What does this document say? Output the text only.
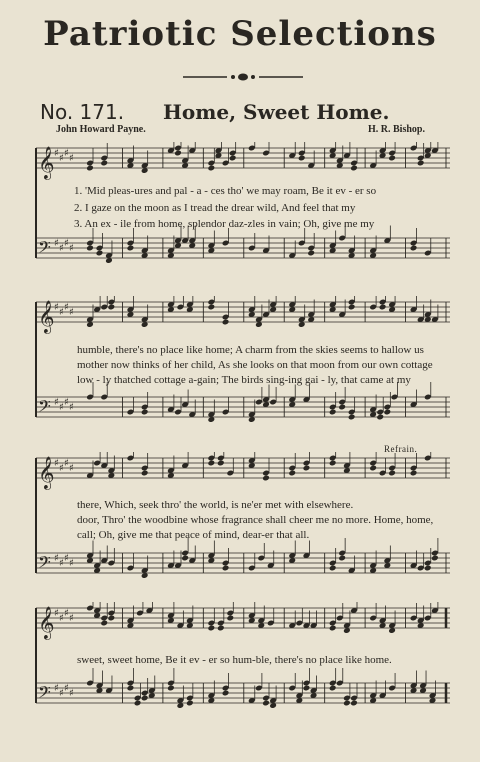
Patriotic Selections
No. 171. Home, Sweet Home.
John Howard Payne.	H. R. Bishop.
𝄞 ♯ ♯ ♯ ♯
𝄢 ♯ ♯ ♯ ♯
1. 'Mid pleas-ures and pal - a - ces tho' we may roam, Be it ev - er so
2. I gaze on the moon as I tread the drear wild, And feel that my
3. An ex - ile from home, splendor daz-zles in vain; Oh, give me my
𝄞 ♯ ♯ ♯ ♯
𝄢 ♯ ♯ ♯ ♯
humble, there's no place like home; A charm from the skies seems to hallow us
mother now thinks of her child, As she looks on that moon from our own cottage
low - ly thatched cottage a-gain; The birds sing-ing gai - ly, that came at my
Refrain.
𝄞 ♯ ♯ ♯ ♯
𝄢 ♯ ♯ ♯ ♯
there, Which, seek thro' the world, is ne'er met with elsewhere.
door, Thro' the woodbine whose fragrance shall cheer me no more. Home, home,
call; Oh, give me that peace of mind, dear-er that all.
𝄞 ♯ ♯ ♯ ♯
𝄢 ♯ ♯ ♯ ♯
sweet, sweet home, Be it ev - er so hum-ble, there's no place like home.
